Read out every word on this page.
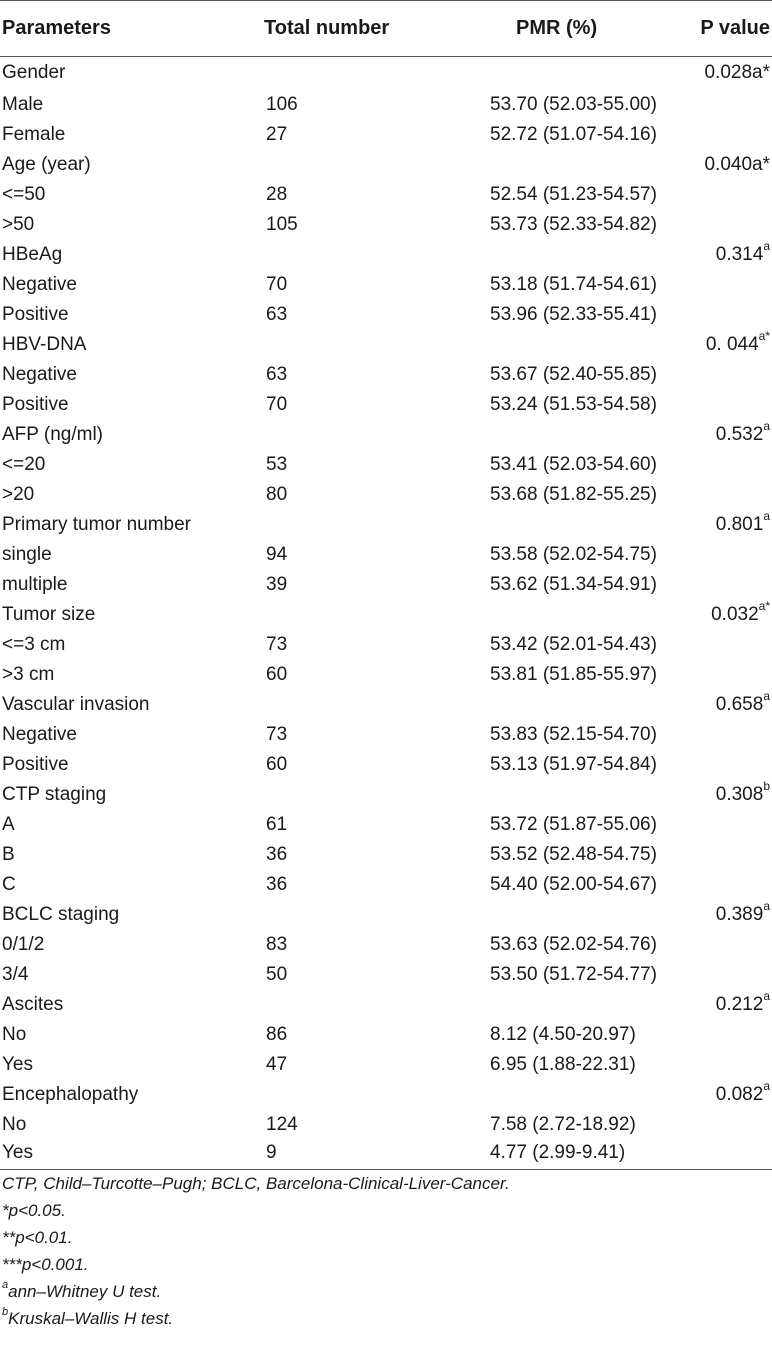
Parameters	Total number	PMR (%)	P value
Gender			0.028a*
Male	106	53.70 (52.03-55.00)	
Female	27	52.72 (51.07-54.16)	
Age (year)			0.040a*
<=50	28	52.54 (51.23-54.57)	
>50	105	53.73 (52.33-54.82)	
HBeAg			0.314$^a$
Negative	70	53.18 (51.74-54.61)	
Positive	63	53.96 (52.33-55.41)	
HBV-DNA			0. $044^{a*}$
Negative	63	53.67 (52.40-55.85)	
Positive	70	53.24 (51.53-54.58)	
AFP (ng/ml)			0.532$^a$
<=20	53	53.41 (52.03-54.60)	
>20	80	53.68 (51.82-55.25)	
Primary tumor number			0.801$^a$
single	94	53.58 (52.02-54.75)	
multiple	39	53.62 (51.34-54.91)	
Tumor size			$0.032^{a*}$
<=3 cm	73	53.42 (52.01-54.43)	
>3 cm	60	53.81 (51.85-55.97)	
Vascular invasion			0.658$^a$
Negative	73	53.83 (52.15-54.70)	
Positive	60	53.13 (51.97-54.84)	
CTP staging			0.308$^b$
A	61	53.72 (51.87-55.06)	
B	36	53.52 (52.48-54.75)	
C	36	54.40 (52.00-54.67)	
BCLC staging			0.389$^a$
0/1/2	83	53.63 (52.02-54.76)	
3/4	50	53.50 (51.72-54.77)	
Ascites			0.212$^a$
No	86	8.12 (4.50-20.97)	
Yes	47	6.95 (1.88-22.31)	
Encephalopathy			0.082$^a$
No	124	7.58 (2.72-18.92)	
Yes	9	4.77 (2.99-9.41)	
CTP, Child–Turcotte–Pugh; BCLC, Barcelona-Clinical-Liver-Cancer.
*p<0.05.
**p<0.01.
***p<0.001.
$^a$ann–Whitney U test.
$^b$Kruskal–Wallis H test.
